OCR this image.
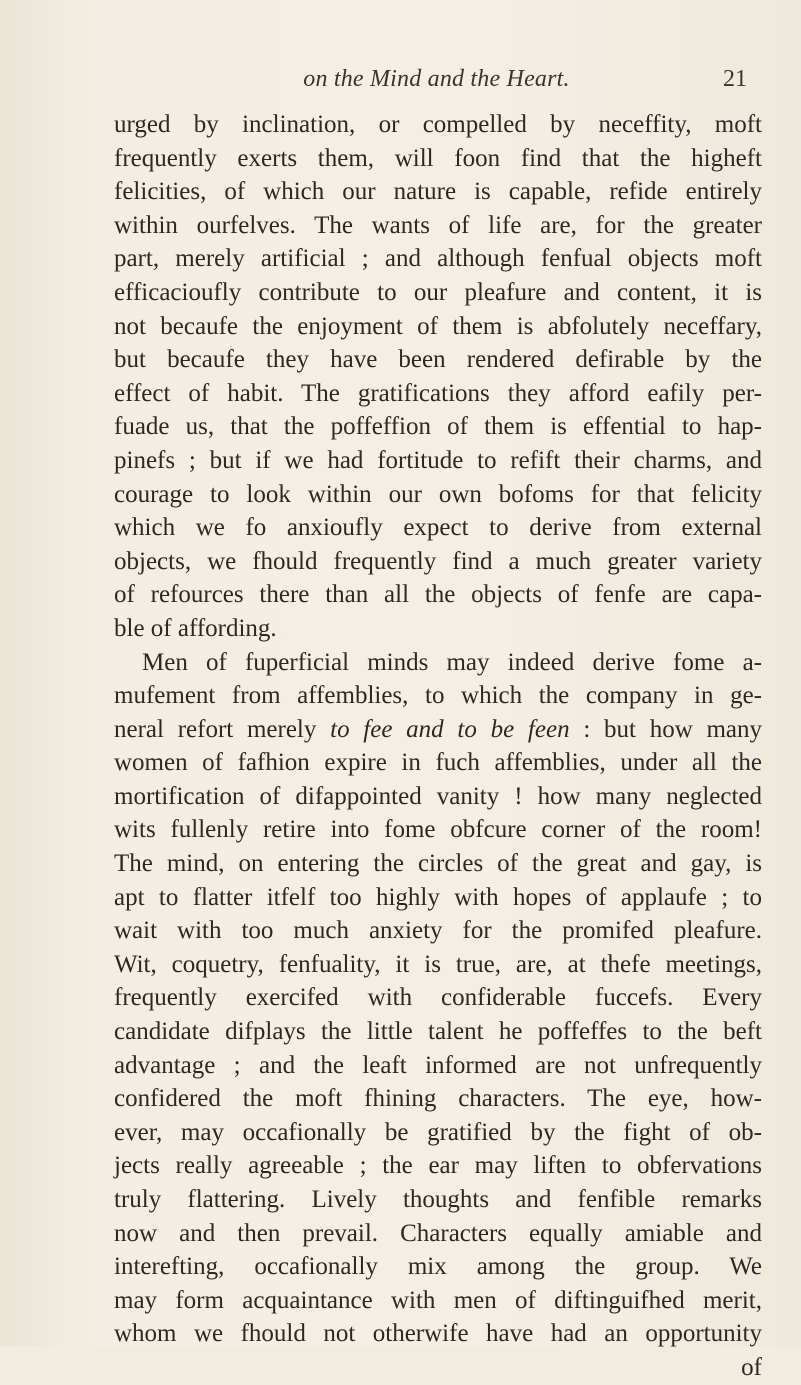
on the Mind and the Heart.	21
urged by inclination, or compelled by neceffity, moft
frequently exerts them, will foon find that the higheft
felicities, of which our nature is capable, refide entirely
within ourfelves. The wants of life are, for the greater
part, merely artificial ; and although fenfual objects moft
efficacioufly contribute to our pleafure and content, it is
not becaufe the enjoyment of them is abfolutely neceffary,
but becaufe they have been rendered defirable by the
effect of habit. The gratifications they afford eafily per-
fuade us, that the poffeffion of them is effential to hap-
pinefs ; but if we had fortitude to refift their charms, and
courage to look within our own bofoms for that felicity
which we fo anxioufly expect to derive from external
objects, we fhould frequently find a much greater variety
of refources there than all the objects of fenfe are capa-
ble of affording.
Men of fuperficial minds may indeed derive fome a-
mufement from affemblies, to which the company in ge-
neral refort merely to fee and to be feen : but how many
women of fafhion expire in fuch affemblies, under all the
mortification of difappointed vanity ! how many neglected
wits fullenly retire into fome obfcure corner of the room!
The mind, on entering the circles of the great and gay, is
apt to flatter itfelf too highly with hopes of applaufe ; to
wait with too much anxiety for the promifed pleafure.
Wit, coquetry, fenfuality, it is true, are, at thefe meetings,
frequently exercifed with confiderable fuccefs. Every
candidate difplays the little talent he poffeffes to the beft
advantage ; and the leaft informed are not unfrequently
confidered the moft fhining characters. The eye, how-
ever, may occafionally be gratified by the fight of ob-
jects really agreeable ; the ear may liften to obfervations
truly flattering. Lively thoughts and fenfible remarks
now and then prevail. Characters equally amiable and
interefting, occafionally mix among the group. We
may form acquaintance with men of diftinguifhed merit,
whom we fhould not otherwife have had an opportunity
of
